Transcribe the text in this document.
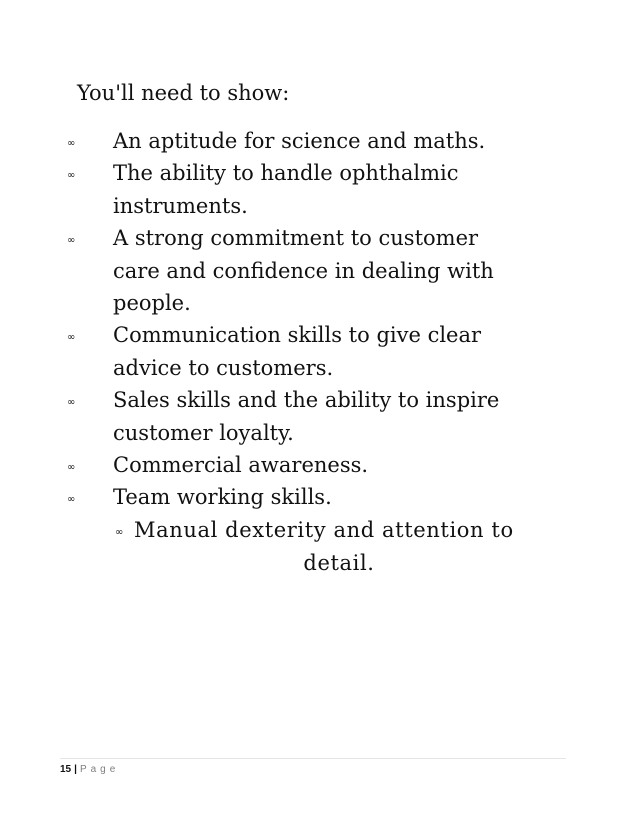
You'll need to show:
∞ An aptitude for science and maths.
∞ The ability to handle ophthalmic
instruments.
∞ A strong commitment to customer
care and confidence in dealing with
people.
∞ Communication skills to give clear
advice to customers.
∞ Sales skills and the ability to inspire
customer loyalty.
∞ Commercial awareness.
∞ Team working skills.
∞ Manual dexterity and attention to
detail.
15 | Page
